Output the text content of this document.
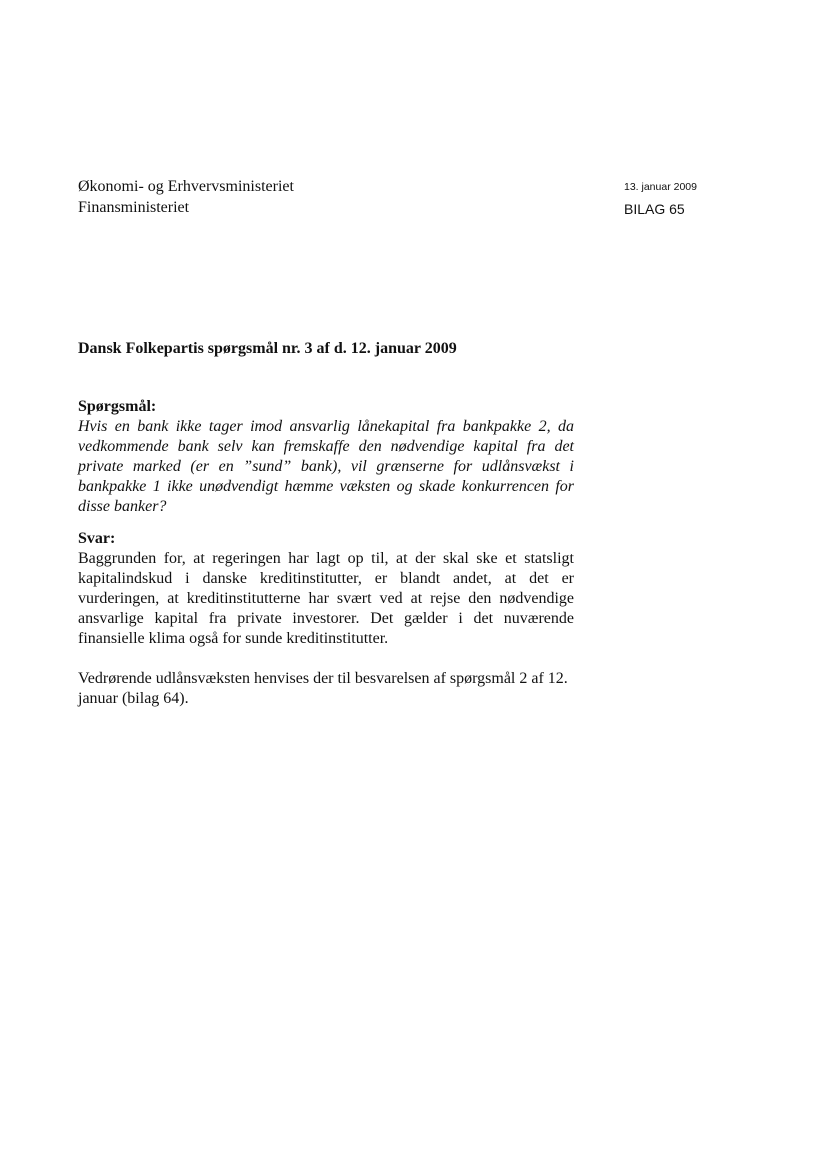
Økonomi- og Erhvervsministeriet
Finansministeriet
13. januar 2009
BILAG 65
Dansk Folkepartis spørgsmål nr. 3 af d. 12. januar 2009
Spørgsmål:
Hvis en bank ikke tager imod ansvarlig lånekapital fra bankpakke 2, da vedkommende bank selv kan fremskaffe den nødvendige kapital fra det private marked (er en ”sund” bank), vil grænserne for udlånsvækst i bankpakke 1 ikke unødvendigt hæmme væksten og skade konkurrencen for disse banker?
Svar:
Baggrunden for, at regeringen har lagt op til, at der skal ske et statsligt kapitalindskud i danske kreditinstitutter, er blandt andet, at det er vurderingen, at kreditinstitutterne har svært ved at rejse den nødvendige ansvarlige kapital fra private investorer. Det gælder i det nuværende finansielle klima også for sunde kreditinstitutter.
Vedrørende udlånsvæksten henvises der til besvarelsen af spørgsmål 2 af 12. januar (bilag 64).
